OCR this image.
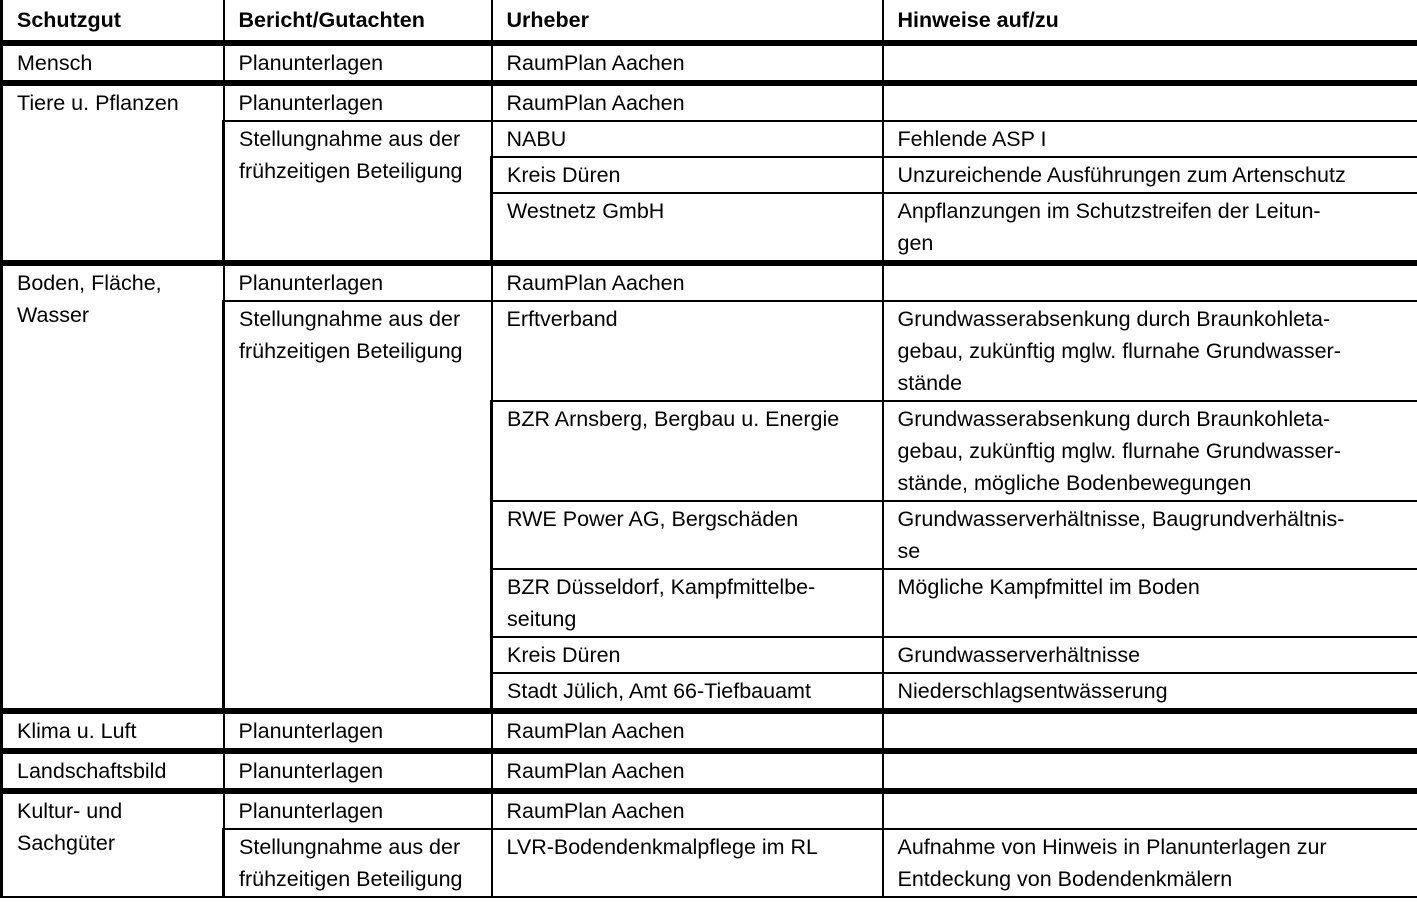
Schutzgut	Bericht/Gutachten	Urheber	Hinweise auf/zu
Mensch	Planunterlagen	RaumPlan Aachen	
Tiere u. Pflanzen	Planunterlagen	RaumPlan Aachen	
	Stellungnahme aus der frühzeitigen Beteiligung	NABU	Fehlende ASP I
		Kreis Düren	Unzureichende Ausführungen zum Artenschutz
		Westnetz GmbH	Anpflanzungen im Schutzstreifen der Leitun-
gen
Boden, Fläche, Wasser	Planunterlagen	RaumPlan Aachen	
	Stellungnahme aus der frühzeitigen Beteiligung	Erftverband	Grundwasserabsenkung durch Braunkohleta-
gebau, zukünftig mglw. flurnahe Grundwasser-
stände
		BZR Arnsberg, Bergbau u. Energie	Grundwasserabsenkung durch Braunkohleta-
gebau, zukünftig mglw. flurnahe Grundwasser-
stände, mögliche Bodenbewegungen
		RWE Power AG, Bergschäden	Grundwasserverhältnisse, Baugrundverhältnis-
se
		BZR Düsseldorf, Kampfmittelbe-
seitung	Mögliche Kampfmittel im Boden
		Kreis Düren	Grundwasserverhältnisse
		Stadt Jülich, Amt 66-Tiefbauamt	Niederschlagsentwässerung
Klima u. Luft	Planunterlagen	RaumPlan Aachen	
Landschaftsbild	Planunterlagen	RaumPlan Aachen	
Kultur- und Sachgüter	Planunterlagen	RaumPlan Aachen	
	Stellungnahme aus der frühzeitigen Beteiligung	LVR-Bodendenkmalpflege im RL	Aufnahme von Hinweis in Planunterlagen zur Entdeckung von Bodendenkmälern
